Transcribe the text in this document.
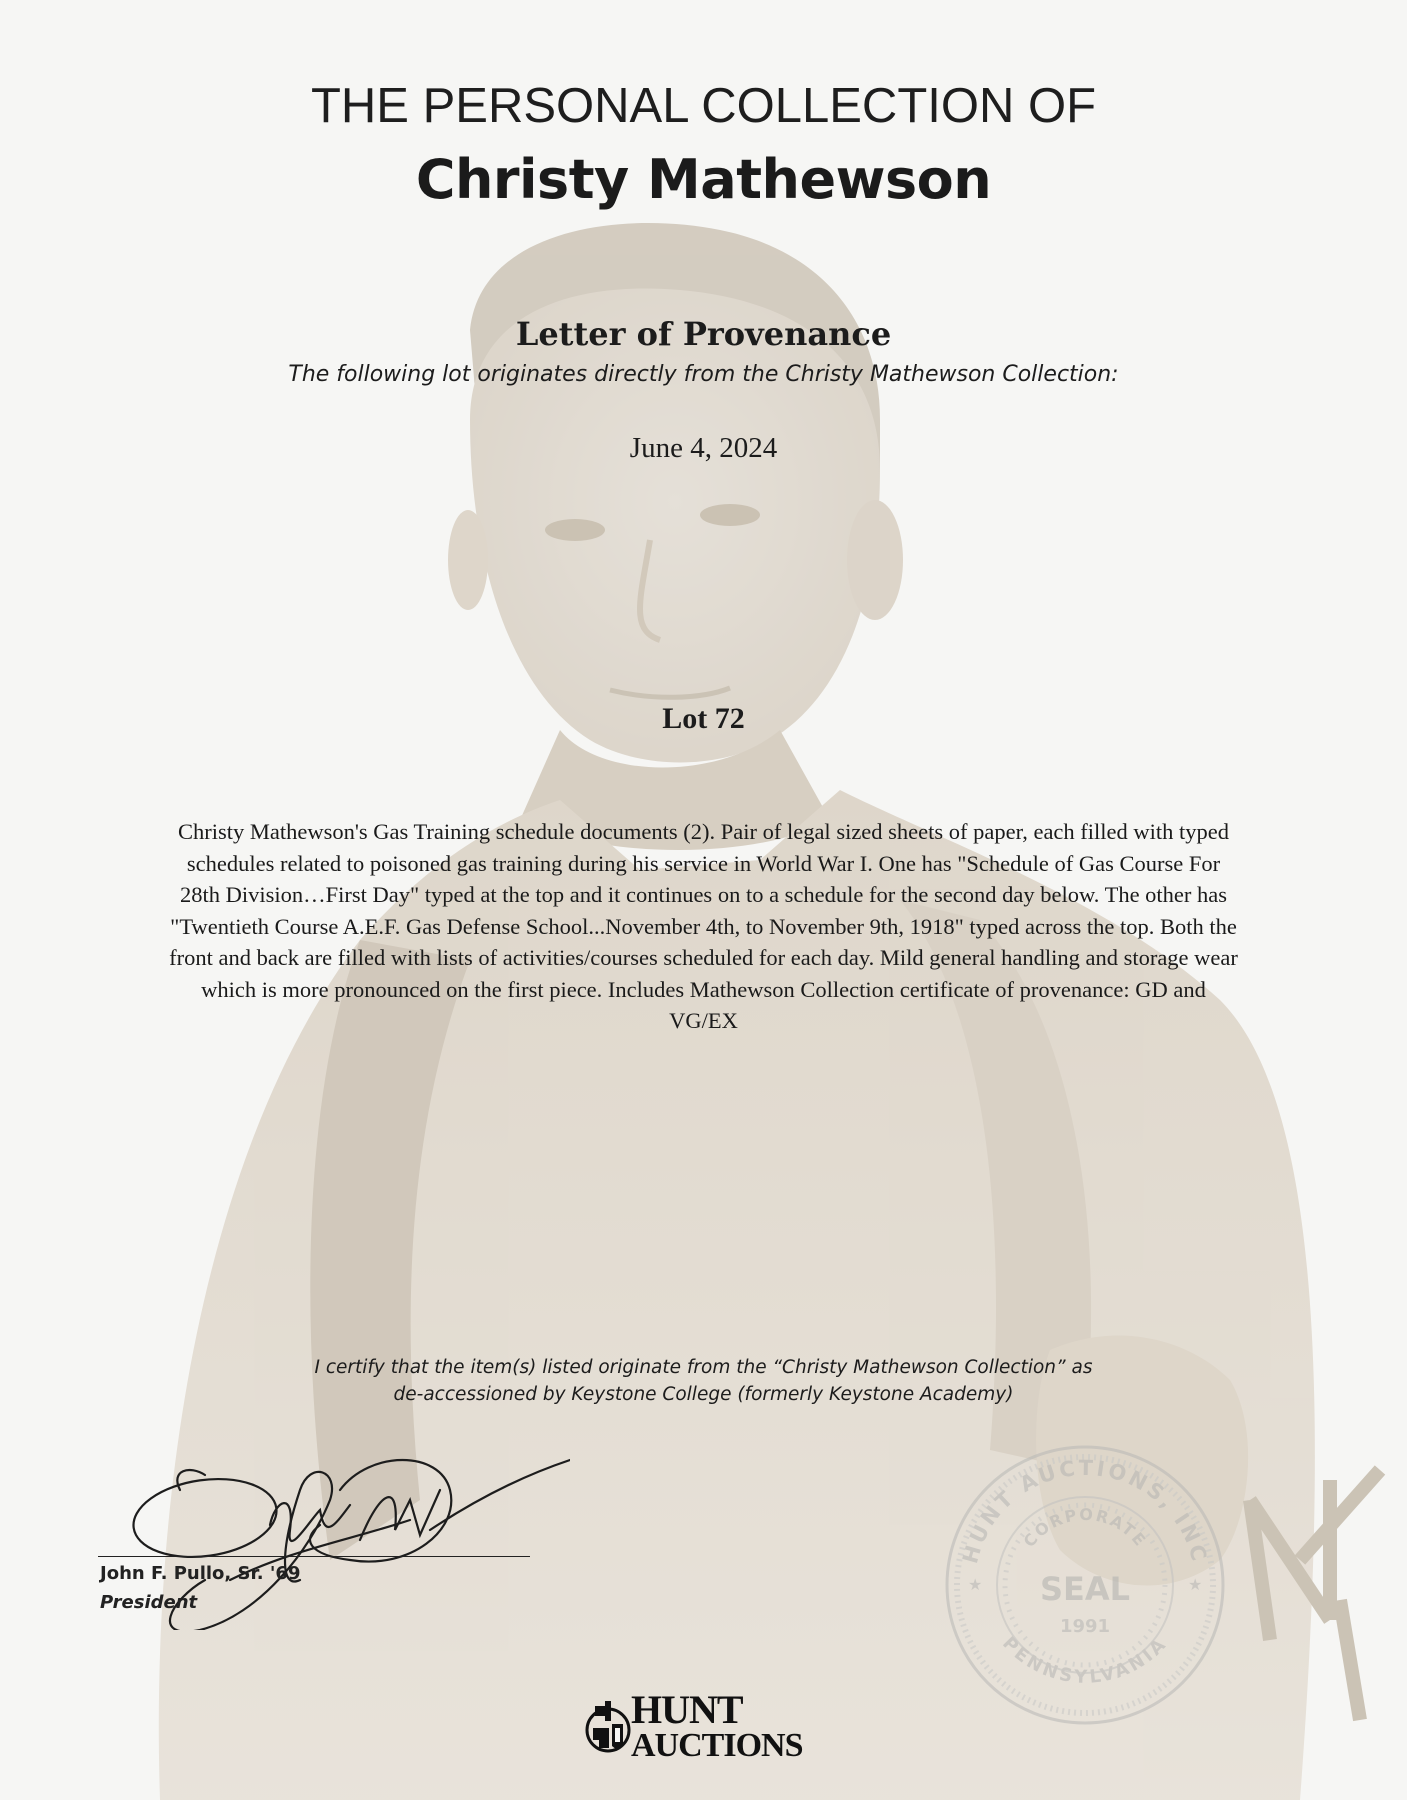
THE PERSONAL COLLECTION OF
Christy Mathewson
Letter of Provenance
The following lot originates directly from the Christy Mathewson Collection:
June 4, 2024
Lot 72
Christy Mathewson's Gas Training schedule documents (2). Pair of legal sized sheets of paper, each filled with typed schedules related to poisoned gas training during his service in World War I. One has "Schedule of Gas Course For 28th Division…First Day" typed at the top and it continues on to a schedule for the second day below. The other has "Twentieth Course A.E.F. Gas Defense School...November 4th, to November 9th, 1918" typed across the top. Both the front and back are filled with lists of activities/courses scheduled for each day. Mild general handling and storage wear which is more pronounced on the first piece. Includes Mathewson Collection certificate of provenance: GD and VG/EX
I certify that the item(s) listed originate from the “Christy Mathewson Collection” as
de-accessioned by Keystone College (formerly Keystone Academy)
John F. Pullo, Sr. '69
President
HUNT AUCTIONS, INC
CORPORATE
SEAL
1991
PENNSYLVANIA
★	★
HUNT
AUCTIONS
